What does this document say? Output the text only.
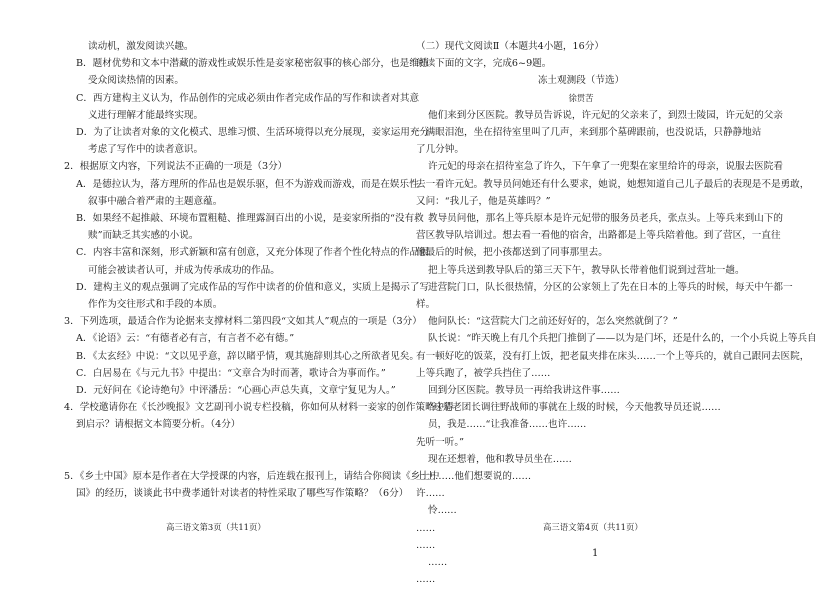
读动机，激发阅读兴趣。
B．题材优势和文本中潜藏的游戏性或娱乐性是妾家秘密叙事的核心部分，也是维持
受众阅读热情的因素。
C．西方建构主义认为，作品创作的完成必须由作者完成作品的写作和读者对其意
义进行理解才能最终实现。
D．为了让读者对象的文化模式、思维习惯、生活环境得以充分展现，妾家运用充分
考虑了写作中的读者意识。
2．根据原文内容，下列说法不正确的一项是（3分）
A．是德拉认为，落方理所的作品也是娱乐驱，但不为游戏而游戏，而是在娱乐性
叙事中融合着严肃的主题意蕴。
B．如果经不起推敲、环境布置粗糙、推理露洞百出的小说，是妾家所指的“没有救
赎”而缺乏其实感的小说。
C．内容丰富和深刻，形式新颖和富有创意，又充分体现了作者个性化特点的作品很
可能会被读者认可，并成为传承成功的作品。
D．建构主义的观点强调了完成作品的写作中读者的价值和意义，实质上是揭示了写
作作为交往形式和手段的本质。
3．下列选项，最适合作为论据来支撑材料二第四段“文如其人”观点的一项是（3分）
A．《论语》云：“有德者必有言，有言者不必有德。”
B．《太玄经》中说：“文以见乎意，辞以睹乎情，观其施辞则其心之所欲者见矣。
C．白居易在《与元九书》中提出：“文章合为时而著，歌诗合为事而作。”
D．元好问在《论诗绝句》中评潘岳：“心画心声总失真，文章宁复见为人。”
4．学校邀请你在《长沙晚报》文艺副刊小说专栏投稿，你如何从材料一妾家的创作策略中得
到启示？请根据文本简要分析。（4分）
5．《乡土中国》原本是作者在大学授课的内容，后连载在报刊上，请结合你阅读《乡土中
国》的经历，谈谈此书中费孝通针对读者的特性采取了哪些写作策略？（6分）
（二）现代文阅读Ⅱ（本题共4小题，16分）
阅读下面的文字，完成6~9题。
冻土观测段（节选）
徐贯苦
他们来到分区医院。教导员告诉说，许元妃的父亲来了，到烈士陵园，许元妃的父亲
一满眼泪泡，坐在招待室里叫了几声，来到那个墓碑跟前，也没说话，只静静地站
了几分钟。
许元妃的母亲在招待室急了许久，下午拿了一兜梨在家里给许的母亲，说服去医院看
去一看许元妃。教导员问她还有什么要求，她说，她想知道自己儿子最后的表现是不是勇敢，
又问：“我儿子，他是英雄吗？”
教导员问他，那名上等兵原本是许元妃带的服务员老兵，张点头。上等兵来到山下的
营区教导队培训过。想去看一看他的宿舍，出路都是上等兵陪着他。到了营区，一直往
他最后的时候，把小孩都送到了同事那里去。
把上等兵送到教导队后的第三天下午，教导队长带着他们说到过营址一趟。
进营院门口，队长很热情，分区的公家领上了先在日本的上等兵的时候，每天中午都一
样。
他问队长：“这营院大门之前还好好的，怎么突然就倒了？”
队长说：“昨天晚上有几个兵把门推倒了——以为是门坏，还是什么的，一个小兵说上等兵自
有一顿好吃的饭菜，没有打上饭，把老鼠夹排在床头……一个上等兵的，就自己跟同去医院，
上等兵跑了，被学兵挡住了……
回到分区医院。教导员一再给我讲这件事……
“这是老团长调往野战师的事就在上级的时候，今天他教导员还说……
员，我是……“让我准备……也许……
先听一听。”
现在还想着，他和教导员坐在……
上士……他们想要说的……
许……
怜……
……
……
……
……
高三语文第3页（共11页）	高三语文第4页（共11页）
1
